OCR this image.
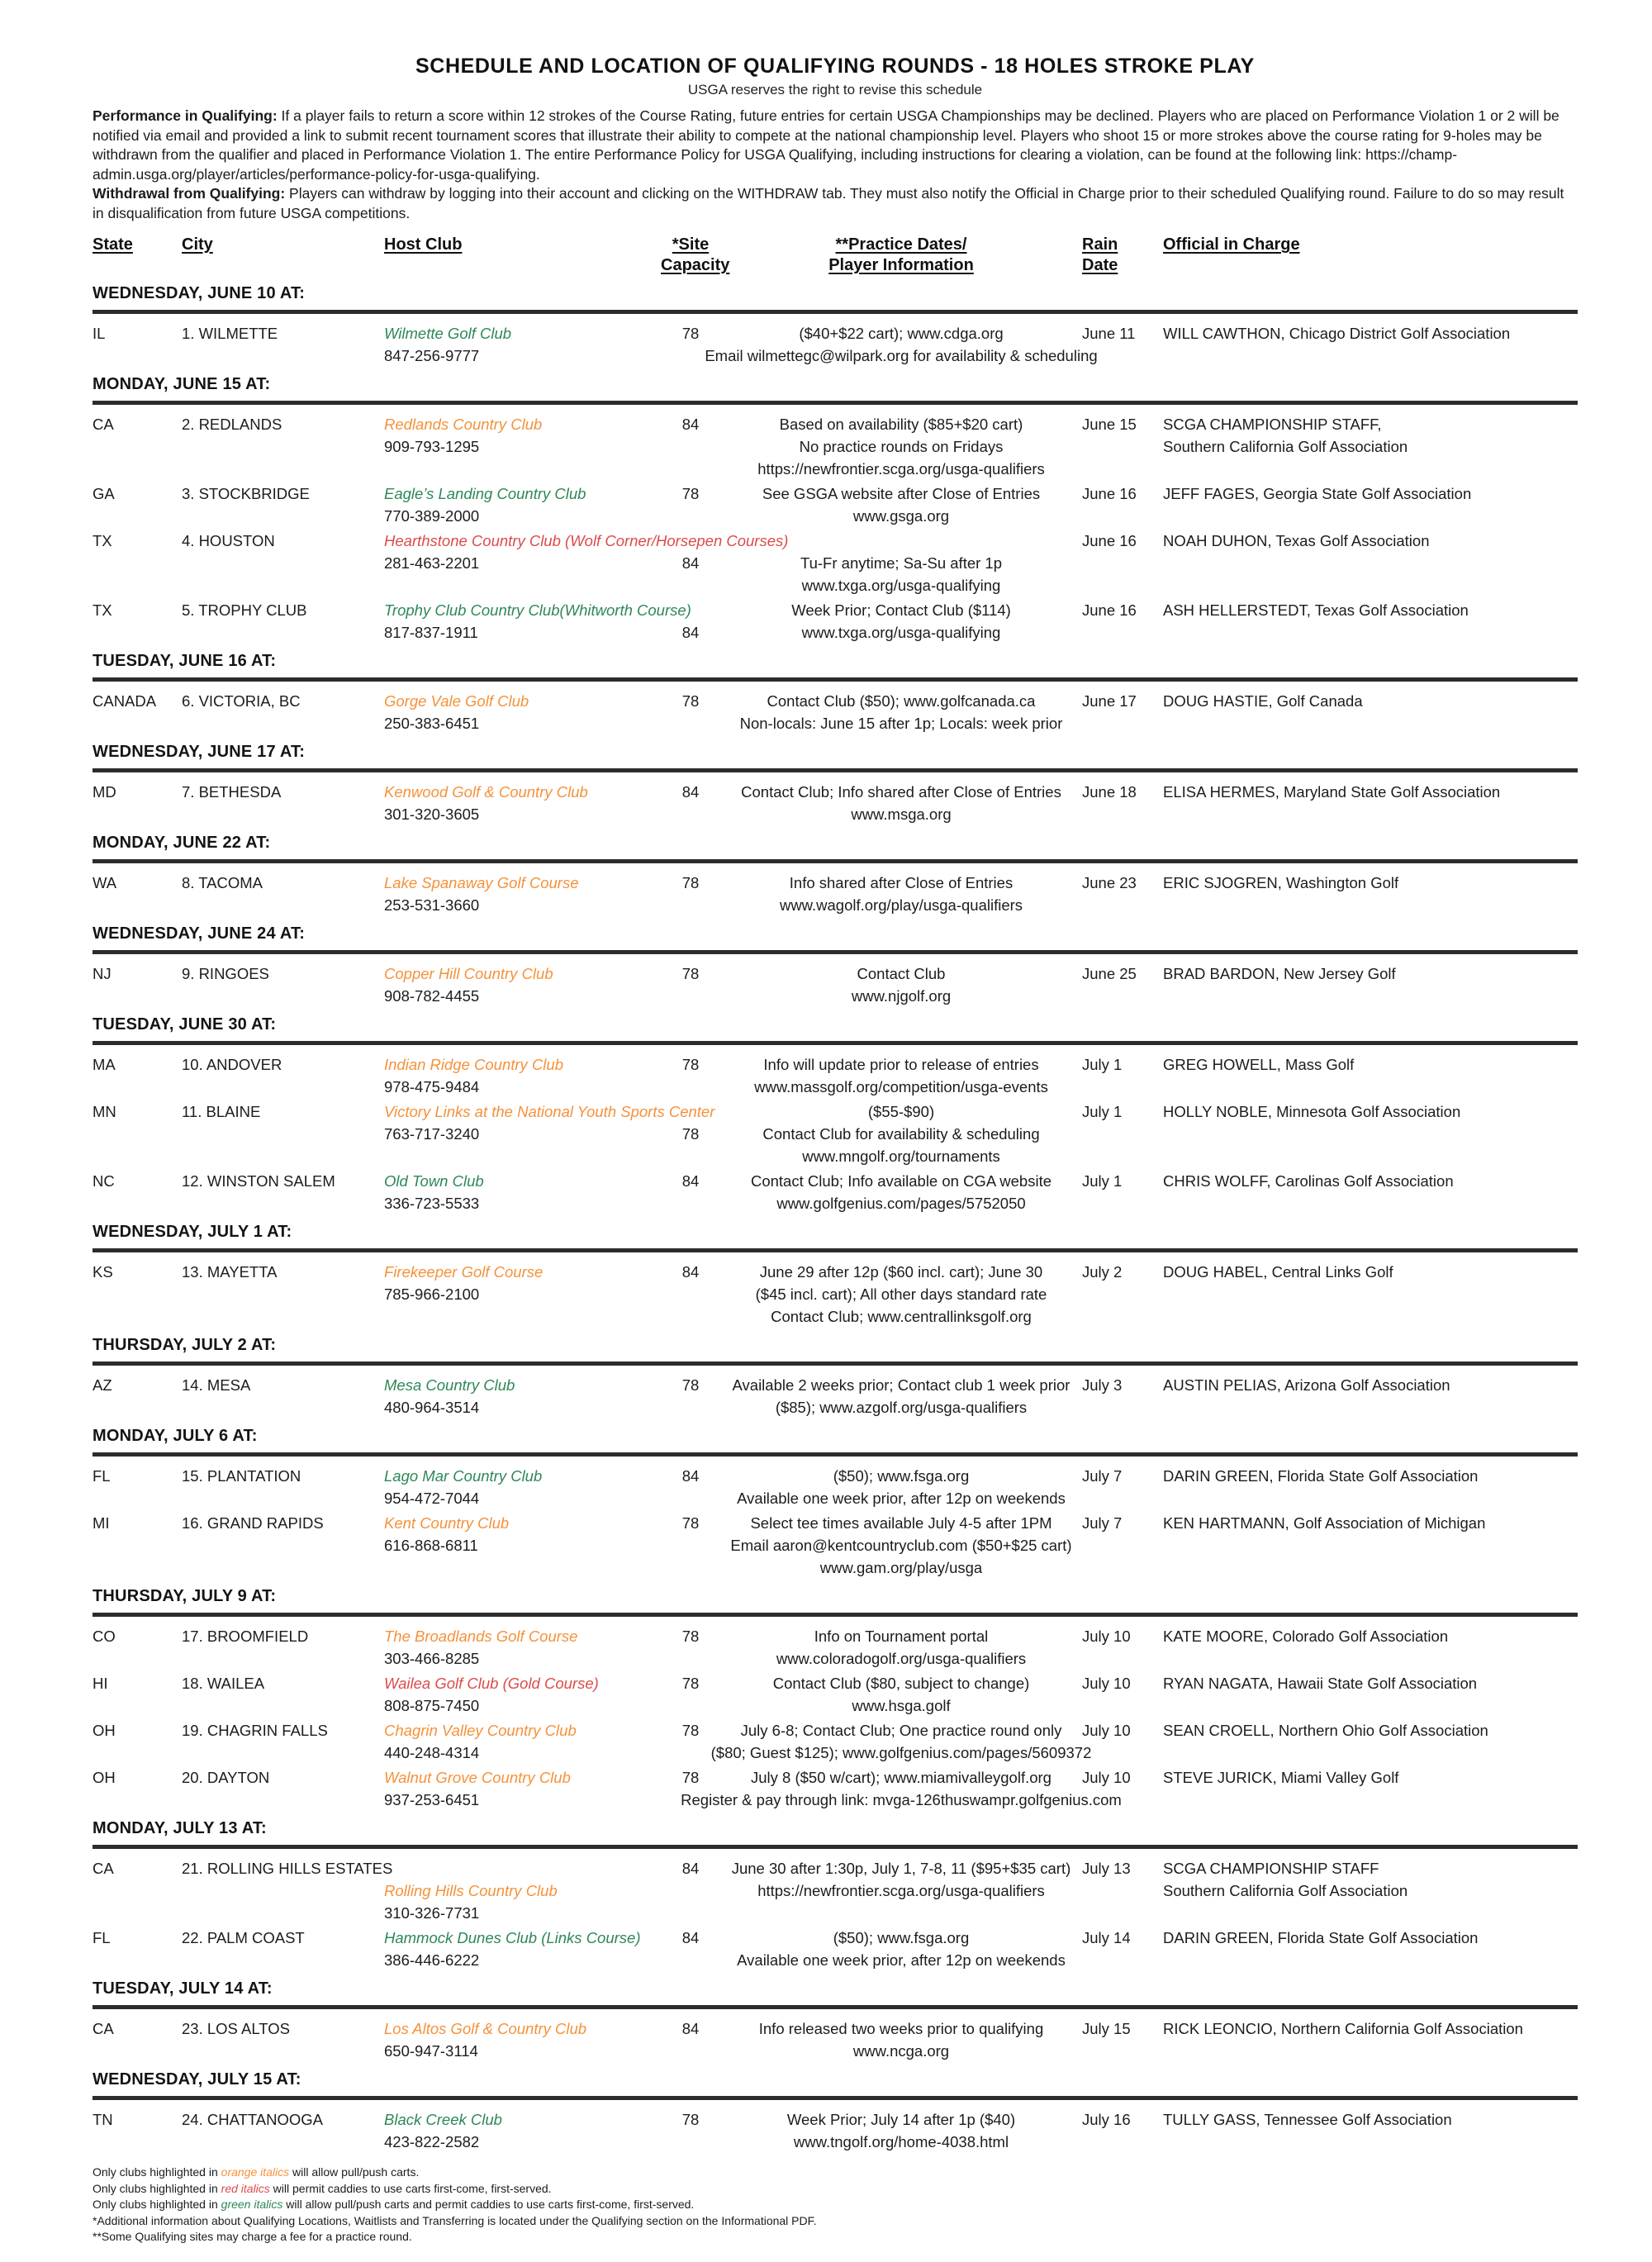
SCHEDULE AND LOCATION OF QUALIFYING ROUNDS - 18 HOLES STROKE PLAY
USGA reserves the right to revise this schedule
Performance in Qualifying: If a player fails to return a score within 12 strokes of the Course Rating, future entries for certain USGA Championships may be declined. Players who are placed on Performance Violation 1 or 2 will be notified via email and provided a link to submit recent tournament scores that illustrate their ability to compete at the national championship level. Players who shoot 15 or more strokes above the course rating for 9-holes may be withdrawn from the qualifier and placed in Performance Violation 1. The entire Performance Policy for USGA Qualifying, including instructions for clearing a violation, can be found at the following link: https://champ-admin.usga.org/player/articles/performance-policy-for-usga-qualifying.
Withdrawal from Qualifying: Players can withdraw by logging into their account and clicking on the WITHDRAW tab. They must also notify the Official in Charge prior to their scheduled Qualifying round. Failure to do so may result in disqualification from future USGA competitions.
State	City	Host Club	*Site
Capacity
**Practice Dates/
Player Information
Rain
Date
Official in Charge
WEDNESDAY, JUNE 10 AT:
IL	1. WILMETTE	Wilmette Golf Club
847-256-9777
78	($40+$22 cart); www.cdga.org
Email wilmettegc@wilpark.org for availability & scheduling
June 11	WILL CAWTHON, Chicago District Golf Association
MONDAY, JUNE 15 AT:
CA	2. REDLANDS	Redlands Country Club
909-793-1295
84	Based on availability ($85+$20 cart)
No practice rounds on Fridays
https://newfrontier.scga.org/usga-qualifiers
June 15	SCGA CHAMPIONSHIP STAFF,
Southern California Golf Association
GA	3. STOCKBRIDGE	Eagle’s Landing Country Club
770-389-2000
78	See GSGA website after Close of Entries
www.gsga.org
June 16	JEFF FAGES, Georgia State Golf Association
TX	4. HOUSTON	Hearthstone Country Club (Wolf Corner/Horsepen Courses)
281-463-2201	84	Tu-Fr anytime; Sa-Su after 1p
www.txga.org/usga-qualifying
June 16	NOAH DUHON, Texas Golf Association
TX	5. TROPHY CLUB	Trophy Club Country Club(Whitworth Course)
817-837-1911	84
Week Prior; Contact Club ($114)
www.txga.org/usga-qualifying
June 16	ASH HELLERSTEDT, Texas Golf Association
TUESDAY, JUNE 16 AT:
CANADA	6. VICTORIA, BC	Gorge Vale Golf Club
250-383-6451
78	Contact Club ($50); www.golfcanada.ca
Non-locals: June 15 after 1p; Locals: week prior
June 17	DOUG HASTIE, Golf Canada
WEDNESDAY, JUNE 17 AT:
MD	7. BETHESDA	Kenwood Golf & Country Club
301-320-3605
84	Contact Club; Info shared after Close of Entries
www.msga.org
June 18	ELISA HERMES, Maryland State Golf Association
MONDAY, JUNE 22 AT:
WA	8. TACOMA	Lake Spanaway Golf Course
253-531-3660
78	Info shared after Close of Entries
www.wagolf.org/play/usga-qualifiers
June 23	ERIC SJOGREN, Washington Golf
WEDNESDAY, JUNE 24 AT:
NJ	9. RINGOES	Copper Hill Country Club
908-782-4455
78	Contact Club
www.njgolf.org
June 25	BRAD BARDON, New Jersey Golf
TUESDAY, JUNE 30 AT:
MA	10. ANDOVER	Indian Ridge Country Club
978-475-9484
78	Info will update prior to release of entries
www.massgolf.org/competition/usga-events
July 1	GREG HOWELL, Mass Golf
MN	11. BLAINE	Victory Links at the National Youth Sports Center
763-717-3240	78
($55-$90)
Contact Club for availability & scheduling
www.mngolf.org/tournaments
July 1	HOLLY NOBLE, Minnesota Golf Association
NC	12. WINSTON SALEM	Old Town Club
336-723-5533
84	Contact Club; Info available on CGA website
www.golfgenius.com/pages/5752050
July 1	CHRIS WOLFF, Carolinas Golf Association
WEDNESDAY, JULY 1 AT:
KS	13. MAYETTA	Firekeeper Golf Course
785-966-2100
84	June 29 after 12p ($60 incl. cart); June 30
($45 incl. cart); All other days standard rate
Contact Club; www.centrallinksgolf.org
July 2	DOUG HABEL, Central Links Golf
THURSDAY, JULY 2 AT:
AZ	14. MESA	Mesa Country Club
480-964-3514
78	Available 2 weeks prior; Contact club 1 week prior
($85); www.azgolf.org/usga-qualifiers
July 3	AUSTIN PELIAS, Arizona Golf Association
MONDAY, JULY 6 AT:
FL	15. PLANTATION	Lago Mar Country Club
954-472-7044
84	($50); www.fsga.org
Available one week prior, after 12p on weekends
July 7	DARIN GREEN, Florida State Golf Association
MI	16. GRAND RAPIDS	Kent Country Club
616-868-6811
78	Select tee times available July 4-5 after 1PM
Email aaron@kentcountryclub.com ($50+$25 cart)
www.gam.org/play/usga
July 7	KEN HARTMANN, Golf Association of Michigan
THURSDAY, JULY 9 AT:
CO	17. BROOMFIELD	The Broadlands Golf Course
303-466-8285
78	Info on Tournament portal
www.coloradogolf.org/usga-qualifiers
July 10	KATE MOORE, Colorado Golf Association
HI	18. WAILEA	Wailea Golf Club (Gold Course)
808-875-7450
78	Contact Club ($80, subject to change)
www.hsga.golf
July 10	RYAN NAGATA, Hawaii State Golf Association
OH	19. CHAGRIN FALLS	Chagrin Valley Country Club
440-248-4314
78	July 6-8; Contact Club; One practice round only
($80; Guest $125); www.golfgenius.com/pages/5609372
July 10	SEAN CROELL, Northern Ohio Golf Association
OH	20. DAYTON	Walnut Grove Country Club
937-253-6451
78	July 8 ($50 w/cart); www.miamivalleygolf.org
Register & pay through link: mvga-126thuswampr.golfgenius.com
July 10	STEVE JURICK, Miami Valley Golf
MONDAY, JULY 13 AT:
CA	21. ROLLING HILLS ESTATES
Rolling Hills Country Club
310-326-7731
84	June 30 after 1:30p, July 1, 7-8, 11 ($95+$35 cart)
https://newfrontier.scga.org/usga-qualifiers
July 13	SCGA CHAMPIONSHIP STAFF
Southern California Golf Association
FL	22. PALM COAST	Hammock Dunes Club (Links Course)
386-446-6222
84	($50); www.fsga.org
Available one week prior, after 12p on weekends
July 14	DARIN GREEN, Florida State Golf Association
TUESDAY, JULY 14 AT:
CA	23. LOS ALTOS	Los Altos Golf & Country Club
650-947-3114
84	Info released two weeks prior to qualifying
www.ncga.org
July 15	RICK LEONCIO, Northern California Golf Association
WEDNESDAY, JULY 15 AT:
TN	24. CHATTANOOGA	Black Creek Club
423-822-2582
78	Week Prior; July 14 after 1p ($40)
www.tngolf.org/home-4038.html
July 16	TULLY GASS, Tennessee Golf Association
Only clubs highlighted in orange italics will allow pull/push carts.
Only clubs highlighted in red italics will permit caddies to use carts first-come, first-served.
Only clubs highlighted in green italics will allow pull/push carts and permit caddies to use carts first-come, first-served.
*Additional information about Qualifying Locations, Waitlists and Transferring is located under the Qualifying section on the Informational PDF.
**Some Qualifying sites may charge a fee for a practice round.
